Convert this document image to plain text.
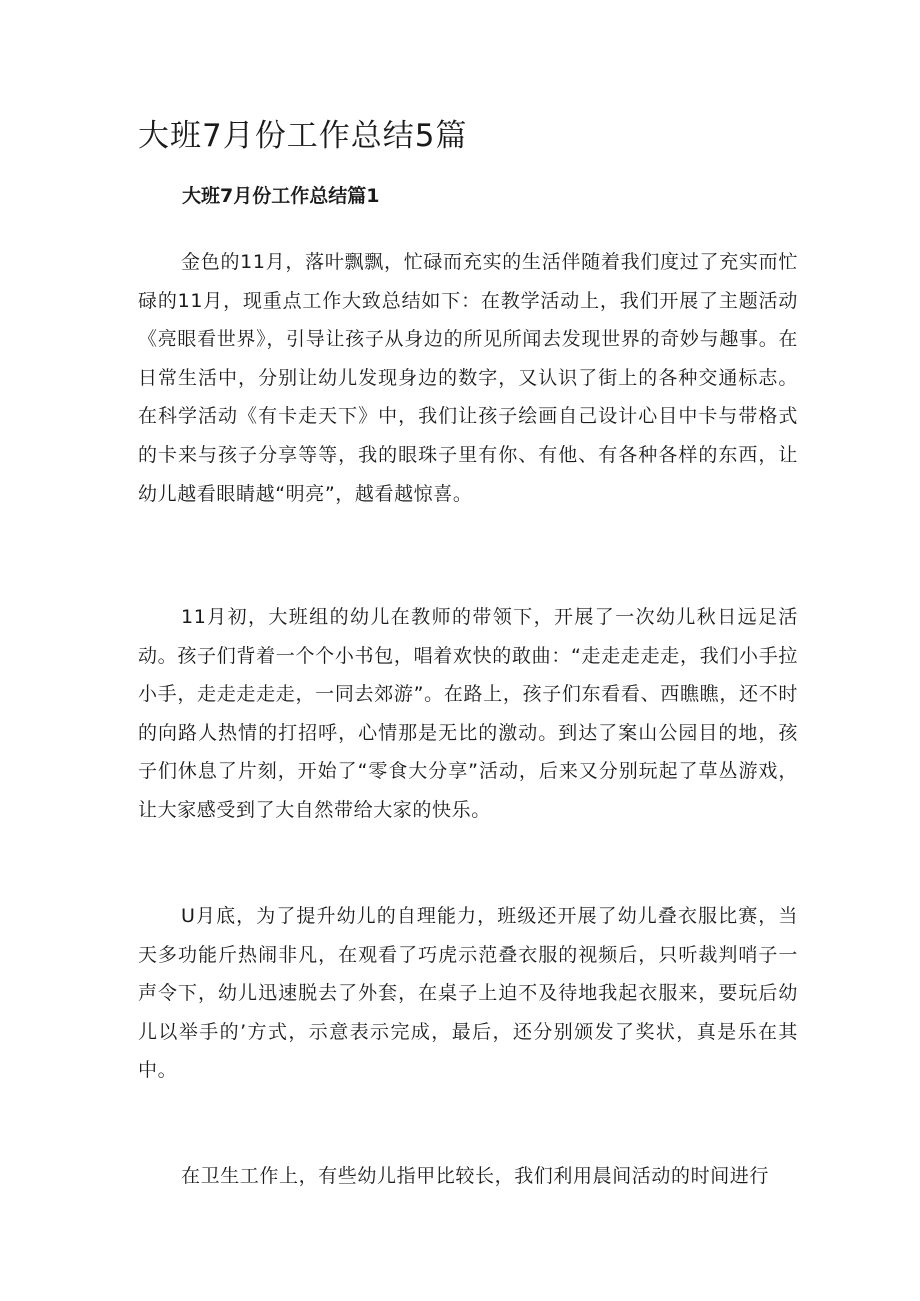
大班7月份工作总结5篇
大班7月份工作总结篇1

金色的11月，落叶飘飘，忙碌而充实的生活伴随着我们度过了充实而忙碌的11月，现重点工作大致总结如下：在教学活动上，我们开展了主题活动《亮眼看世界》，引导让孩子从身边的所见所闻去发现世界的奇妙与趣事。在日常生活中，分别让幼儿发现身边的数字，又认识了街上的各种交通标志。在科学活动《有卡走天下》中，我们让孩子绘画自己设计心目中卡与带格式的卡来与孩子分享等等，我的眼珠子里有你、有他、有各种各样的东西，让幼儿越看眼睛越“明亮”，越看越惊喜。

11月初，大班组的幼儿在教师的带领下，开展了一次幼儿秋日远足活动。孩子们背着一个个小书包，唱着欢快的敢曲：“走走走走走，我们小手拉小手，走走走走走，一同去郊游”。在路上，孩子们东看看、西瞧瞧，还不时的向路人热情的打招呼，心情那是无比的激动。到达了案山公园目的地，孩子们休息了片刻，开始了“零食大分享”活动，后来又分别玩起了草丛游戏，让大家感受到了大自然带给大家的快乐。

U月底，为了提升幼儿的自理能力，班级还开展了幼儿叠衣服比赛，当天多功能斤热闹非凡，在观看了巧虎示范叠衣服的视频后，只听裁判哨子一声令下，幼儿迅速脱去了外套，在桌子上迫不及待地我起衣服来，要玩后幼儿以举手的’方式，示意表示完成，最后，还分别颁发了奖状，真是乐在其中。

在卫生工作上，有些幼儿指甲比较长，我们利用晨间活动的时间进行
